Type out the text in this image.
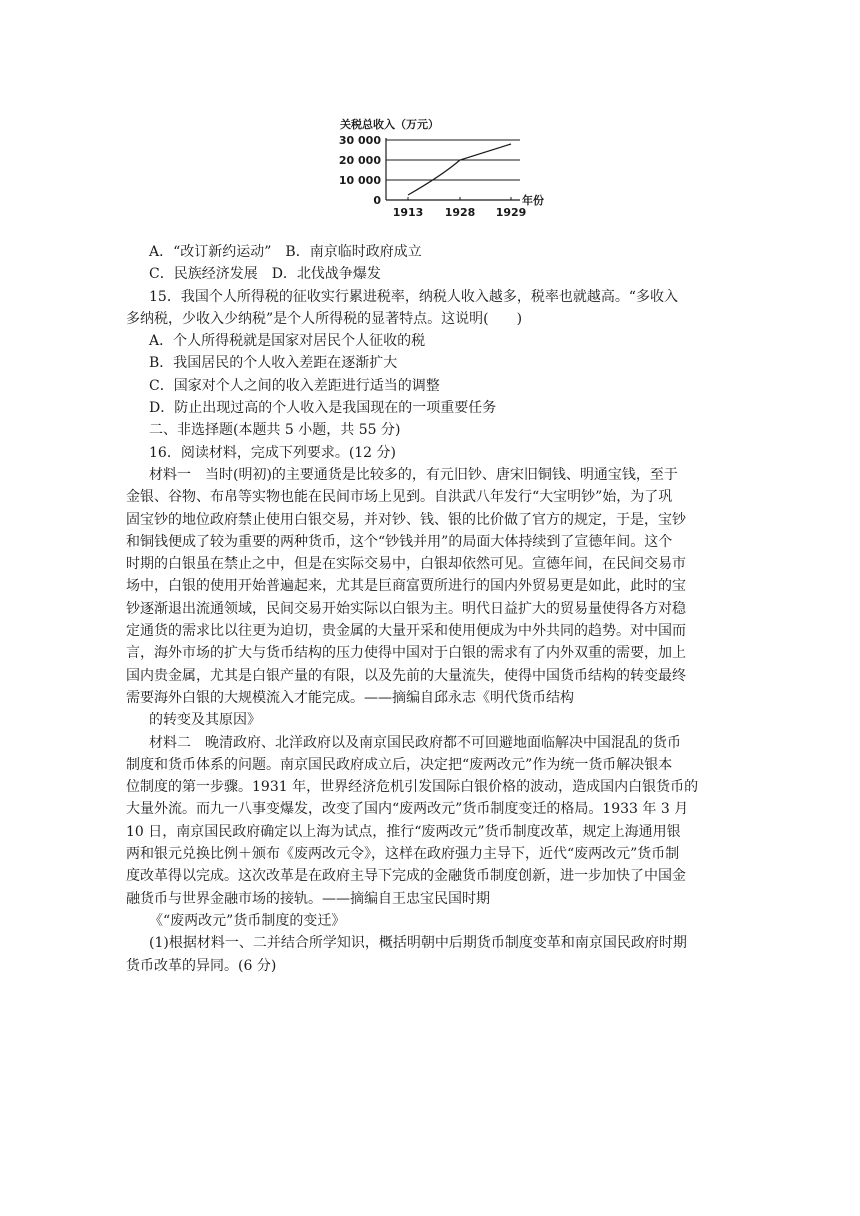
关税总收入（万元）
年份
0
10 000
20 000
30 000
1913 1928 1929
A．“改订新约运动”　B．南京临时政府成立
C．民族经济发展　D．北伐战争爆发
15．我国个人所得税的征收实行累进税率，纳税人收入越多，税率也就越高。“多收入
多纳税，少收入少纳税”是个人所得税的显著特点。这说明(　　)
A．个人所得税就是国家对居民个人征收的税
B．我国居民的个人收入差距在逐渐扩大
C．国家对个人之间的收入差距进行适当的调整
D．防止出现过高的个人收入是我国现在的一项重要任务
二、非选择题(本题共 5 小题，共 55 分)
16．阅读材料，完成下列要求。(12 分)
材料一　当时(明初)的主要通货是比较多的，有元旧钞、唐宋旧铜钱、明通宝钱，至于
金银、谷物、布帛等实物也能在民间市场上见到。自洪武八年发行“大宝明钞”始，为了巩
固宝钞的地位政府禁止使用白银交易，并对钞、钱、银的比价做了官方的规定，于是，宝钞
和铜钱便成了较为重要的两种货币，这个“钞钱并用”的局面大体持续到了宣德年间。这个
时期的白银虽在禁止之中，但是在实际交易中，白银却依然可见。宣德年间，在民间交易市
场中，白银的使用开始普遍起来，尤其是巨商富贾所进行的国内外贸易更是如此，此时的宝
钞逐渐退出流通领域，民间交易开始实际以白银为主。明代日益扩大的贸易量使得各方对稳
定通货的需求比以往更为迫切，贵金属的大量开采和使用便成为中外共同的趋势。对中国而
言，海外市场的扩大与货币结构的压力使得中国对于白银的需求有了内外双重的需要，加上
国内贵金属，尤其是白银产量的有限，以及先前的大量流失，使得中国货币结构的转变最终
需要海外白银的大规模流入才能完成。——摘编自邱永志《明代货币结构
的转变及其原因》
材料二　晚清政府、北洋政府以及南京国民政府都不可回避地面临解决中国混乱的货币
制度和货币体系的问题。南京国民政府成立后，决定把“废两改元”作为统一货币解决银本
位制度的第一步骤。1931 年，世界经济危机引发国际白银价格的波动，造成国内白银货币的
大量外流。而九一八事变爆发，改变了国内“废两改元”货币制度变迁的格局。1933 年 3 月
10 日，南京国民政府确定以上海为试点，推行“废两改元”货币制度改革，规定上海通用银
两和银元兑换比例＋颁布《废两改元令》，这样在政府强力主导下，近代“废两改元”货币制
度改革得以完成。这次改革是在政府主导下完成的金融货币制度创新，进一步加快了中国金
融货币与世界金融市场的接轨。——摘编自王忠宝民国时期
《“废两改元”货币制度的变迁》
(1)根据材料一、二并结合所学知识，概括明朝中后期货币制度变革和南京国民政府时期
货币改革的异同。(6 分)
